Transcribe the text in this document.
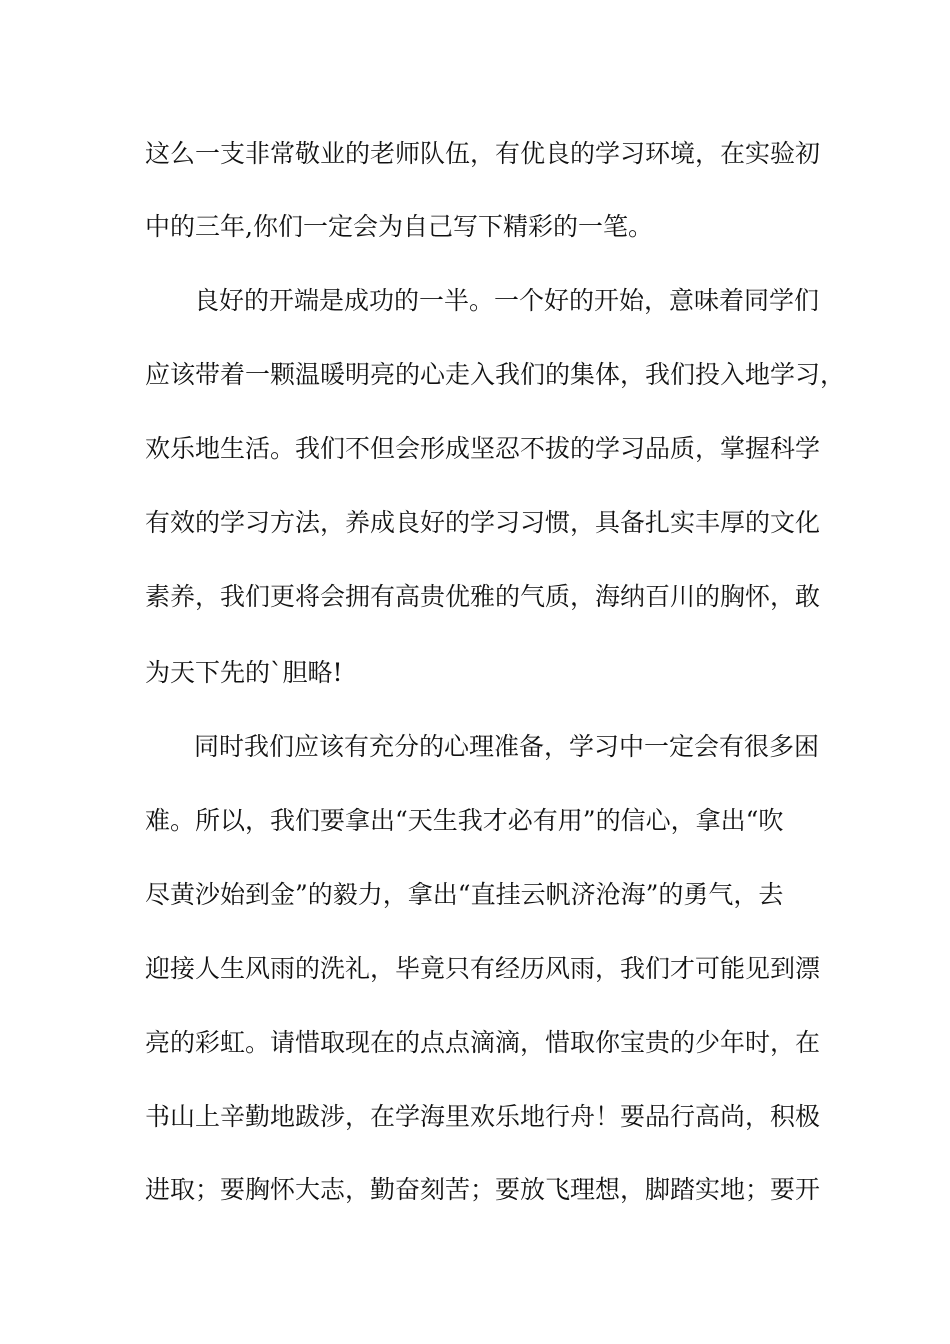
这么一支非常敬业的老师队伍，有优良的学习环境，在实验初
中的三年,你们一定会为自己写下精彩的一笔。
良好的开端是成功的一半。一个好的开始，意味着同学们
应该带着一颗温暖明亮的心走入我们的集体，我们投入地学习，
欢乐地生活。我们不但会形成坚忍不拔的学习品质，掌握科学
有效的学习方法，养成良好的学习习惯，具备扎实丰厚的文化
素养，我们更将会拥有高贵优雅的气质，海纳百川的胸怀，敢
为天下先的`胆略!
同时我们应该有充分的心理准备，学习中一定会有很多困
难。所以，我们要拿出“天生我才必有用”的信心，拿出“吹
尽黄沙始到金”的毅力，拿出“直挂云帆济沧海”的勇气，去
迎接人生风雨的洗礼，毕竟只有经历风雨，我们才可能见到漂
亮的彩虹。请惜取现在的点点滴滴，惜取你宝贵的少年时，在
书山上辛勤地跋涉，在学海里欢乐地行舟！要品行高尚，积极
进取；要胸怀大志，勤奋刻苦；要放飞理想，脚踏实地；要开
